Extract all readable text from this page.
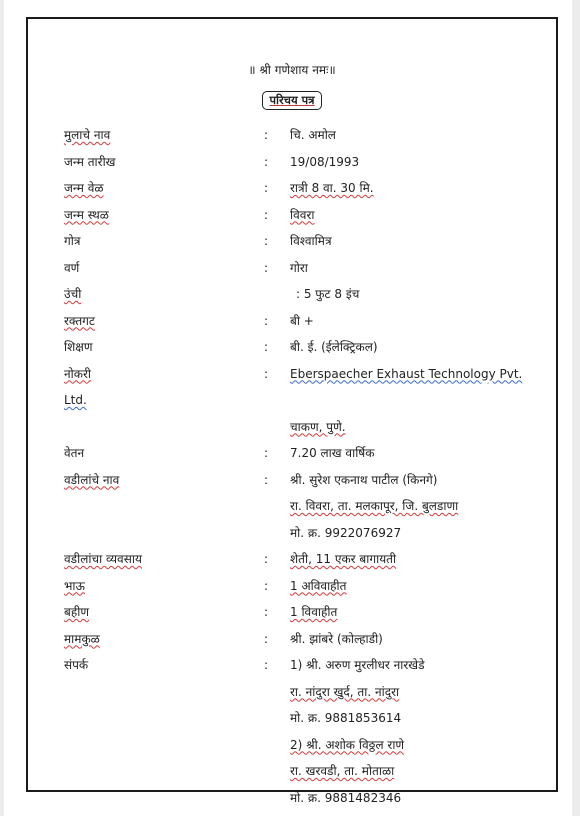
॥ श्री गणेशाय नमः॥
परिचय पत्र
मुलाचे नाव	: चि. अमोल
जन्म तारीख	: 19/08/1993
जन्म वेळ	: रात्री 8 वा. 30 मि.
जन्म स्थळ	: विवरा
गोत्र	: विश्वामित्र
वर्ण	: गोरा
उंची	: 5 फुट 8 इंच
रक्तगट	: बी +
शिक्षण	: बी. ई. (ईलेक्ट्रिकल)
नोकरी	: Eberspaecher Exhaust Technology Pvt.
Ltd.
चाकण, पुणे.
वेतन	: 7.20 लाख वार्षिक
वडीलांचे नाव	: श्री. सुरेश एकनाथ पाटील (किनगे)
रा. विवरा, ता. मलकापूर, जि. बुलडाणा
मो. क्र. 9922076927
वडीलांचा व्यवसाय	: शेती, 11 एकर बागायती
भाऊ	: 1 अविवाहीत
बहीण	: 1 विवाहीत
मामकुळ	: श्री. झांबरे (कोल्हाडी)
संपर्क	: 1) श्री. अरुण मुरलीधर नारखेडे
रा. नांदुरा खुर्द, ता. नांदुरा
मो. क्र. 9881853614
2) श्री. अशोक विठ्ठल राणे
रा. खरवडी, ता. मोताळा
मो. क्र. 9881482346
